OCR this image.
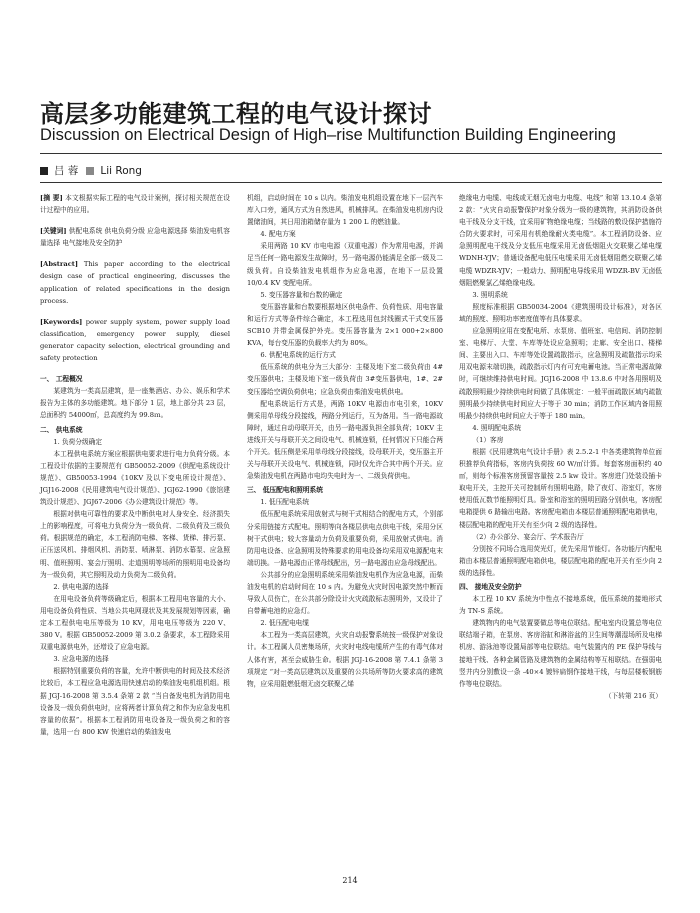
高层多功能建筑工程的电气设计探讨
Discussion on Electrical Design of High–rise Multifunction Building Engineering
吕 蓉 Lii Rong

[摘 要] 本文根据实际工程的电气设计案例，探讨相关规范在设计过程中的应用。

[关键词] 供配电系统 供电负荷分级 应急电源选择 柴油发电机容量选择 电气接地及安全防护

[Abstract] This paper according to the electrical design case of practical engineering, discusses the application of related specifications in the design process.

[Keywords] power supply system, power supply load classification, emergency power supply, diesel generator capacity selection, electrical grounding and safety protection

一、 工程概况

某建筑为一类高层建筑，是一座集酒店、办公、娱乐和学术报告为主体的多功能建筑。地下部分 1 层，地上部分共 23 层，总面积约 54000㎡，总高度约为 99.8ｍ。

二、 供电系统

1. 负荷分级确定

本工程供电系统方案应根据供电要求进行电力负荷分级。本工程设计依据的主要规范有 GB50052-2009《供配电系统设计规范》、GB50053-1994《10KV 及以下变电所设计规范》、JGJ16-2008《民用建筑电气设计规范》、JGJ62-1990《旅馆建筑设计规范》、JGJ67-2006《办公建筑设计规范》等。

根据对供电可靠性的要求及中断供电对人身安全、经济损失上的影响程度，可将电力负荷分为一级负荷、二级负荷及三级负荷。根据规范的确定，本工程消防电梯、客梯、货梯、排污泵、正压送风机、排烟风机、消防泵、喷淋泵、消防水幕泵、应急照明、值班照明、宴会厅照明、走道照明等场所的照明用电设备均为一级负荷，其它照明及动力负荷为二级负荷。

2. 供电电源的选择

在用电设备负荷等级确定后，根据本工程用电容量的大小、用电设备负荷性质、当地公共电网现状及其发展规划等因素，确定本工程供电电压等级为 10 KV，用电电压等级为 220 V、380 V。根据 GB50052-2009 第 3.0.2 条要求，本工程除采用双重电源供电外，还增设了应急电源。

3. 应急电源的选择

根据特别重要负荷的容量，允许中断供电的时间及技术经济比较后，本工程应急电源选用快速启动的柴油发电机组机组。根据 JGJ-16-2008 第 3.5.4 条第 2 款 “当自备发电机为消防用电设备及一级负荷供电时，应将两者计算负荷之和作为应急发电机容量的依据”。根据本工程消防用电设备及一级负荷之和的容量，选用一台 800 KW 快速启动的柴油发电

机组，启动时间在 10 s 以内。柴油发电机组设置在地下一层汽车库入口旁，通风方式为自然进风，机械排风。在柴油发电机房内设置储油间，其日用油箱储存量为 1 200 L 的燃油量。

4. 配电方案

采用两路 10 KV 市电电源（双重电源）作为常用电源，并满足当任何一路电源发生故障时，另一路电源仍能满足全部一级及二级负荷。自设柴油发电机组作为应急电源，在地下一层设置 10/0.4 KV 变配电所。

5. 变压器容量和台数的确定

变压器容量和台数要根据地区供电条件、负荷性质、用电容量和运行方式等条件综合确定，本工程选用包封线圈式干式变压器 SCB10 并带金属保护外壳。变压器容量为 2×1 000+2×800 KVA，每台变压器的负载率大约为 80%。

6. 供配电系统的运行方式

低压系统的供电分为三大部分：主楼及地下室二级负荷由 4#变压器供电；主楼及地下室一级负荷由 3#变压器供电，1#、2#变压器给空调负荷供电；应急负荷由柴油发电机供电。

配电系统运行方式是，两路 10KV 电源由市电引来，10KV 侧采用单母线分段接线，两路分列运行，互为备用。当一路电源故障时，通过自动母联开关，由另一路电源负担全部负荷；10KV 主进线开关与母联开关之间设电气、机械连锁，任何情况下只能合两个开关。低压侧是采用单母线分段接线，设母联开关，变压器主开关与母联开关设电气、机械连锁，同时仅允许合其中两个开关。应急柴油发电机在两路市电均失电时为一、二级负荷供电。

三、 低压配电和照明系统

1. 低压配电系统

低压配电系统采用放射式与树干式相结合的配电方式，个别部分采用链接方式配电。照明等向各楼层供电点供电干线，采用分区树干式供电；较大容量动力负荷及重要负荷，采用放射式供电。消防用电设备、应急照明及特殊要求的用电设备均采用双电源配电末端切换。一路电源由正常母线配出，另一路电源由应急母线配出。

公共部分的应急照明系统采用柴油发电机作为应急电源，而柴油发电机的启动时间在 10 s 内。为避免火灾时因电源突然中断而导致人员伤亡，在公共部分除设计火灾疏散标志照明外，又设计了自带蓄电池的应急灯。

2. 低压配电电缆

本工程为一类高层建筑，火灾自动报警系统按一级保护对象设计。本工程属人员密集场所，火灾时电线电缆所产生的有毒气体对人体有害，甚至会威胁生命。根据 JGJ-16-2008 第 7.4.1 条第 3 项规定 “对一类高层建筑以及重要的公共场所等防火要求高的建筑物，应采用阻燃低烟无卤交联聚乙烯

绝缘电力电缆、电线或无烟无卤电力电缆、电线” 和第 13.10.4 条第 2 款：“火灾自动报警保护对象分级为一级的建筑物，其消防设备供电干线及分支干线，宜采用矿物绝缘电缆；当线路的敷设保护措施符合防火要求时，可采用有机绝缘耐火类电缆”。本工程消防设备、应急照明配电干线及分支低压电缆采用无卤低烟阻火交联聚乙烯电缆 WDNH-YJV；普通设备配电低压电缆采用无卤低烟阻燃交联聚乙烯电缆 WDZR-YJV；一般动力、照明配电导线采用 WDZR-BV 无卤低烟阻燃聚氯乙烯绝缘电线。

3. 照明系统

照度标准根据 GB50034-2004《建筑照明设计标准》，对各区域的照度、照明功率密度值等有具体要求。

应急照明应用在变配电所、水泵房、值班室、电信间、消防控制室、电梯厅、大堂、车库等处设应急照明；走廊、安全出口、楼梯间、主要出入口、车库等处设置疏散指示，应急照明及疏散指示均采用双电源末端切换，疏散指示灯内有可充电蓄电池。当正常电源故障时，可继续维持供电时间。JGJ16-2008 中 13.8.6 中对各用照明及疏散照明最少持续供电时间做了具体规定：一般平面疏散区域内疏散照明最少持续供电时间应大于等于 30 min；消防工作区域内备用照明最少持续供电时间应大于等于 180 min。

4. 照明配电系统

（1）客房

根据《民用建筑电气设计手册》表 2.5.2-1 中各类建筑物单位面积推荐负荷指标，客房内负荷按 60 W/㎡计算。每套客房面积约 40 ㎡，则每个标准客房预留容量按 2.5 kw 设计。客房进门处装设插卡取电开关，主控开关可控制所有照明电路，除了夜灯、浴室灯，客房使用低瓦数节能照明灯具。卧室和浴室的照明回路分别供电，客房配电箱提供 6 路输出电路。客房配电箱由本楼层普通照明配电箱供电，楼层配电箱的配电开关有至少向 2 级的选择性。

（2）办公部分、宴会厅、学术报告厅

分别按不同场合选用荧光灯，优先采用节能灯。各功能厅内配电箱由本楼层普通照明配电箱供电，楼层配电箱的配电开关有至少向 2 级的选择性。

四、 接地及安全防护

本工程 10 KV 系统为中性点不接地系统，低压系统的接地形式为 TN-S 系统。

建筑物内的电气装置要做总等电位联结。配电室内设置总等电位联结端子箱，在泵房、客房浴缸和淋浴盆的卫生间等潮湿场所及电梯机房、游泳池等设置局部等电位联结。电气装置内的 PE 保护导线与接地干线、各种金属管路及建筑物的金属结构等互相联结。在强弱电竖井内分别敷设一条 -40×4 镀锌扁钢作接地干线，与每层楼板钢筋作等电位联结。

（下转第 216 页）

214
